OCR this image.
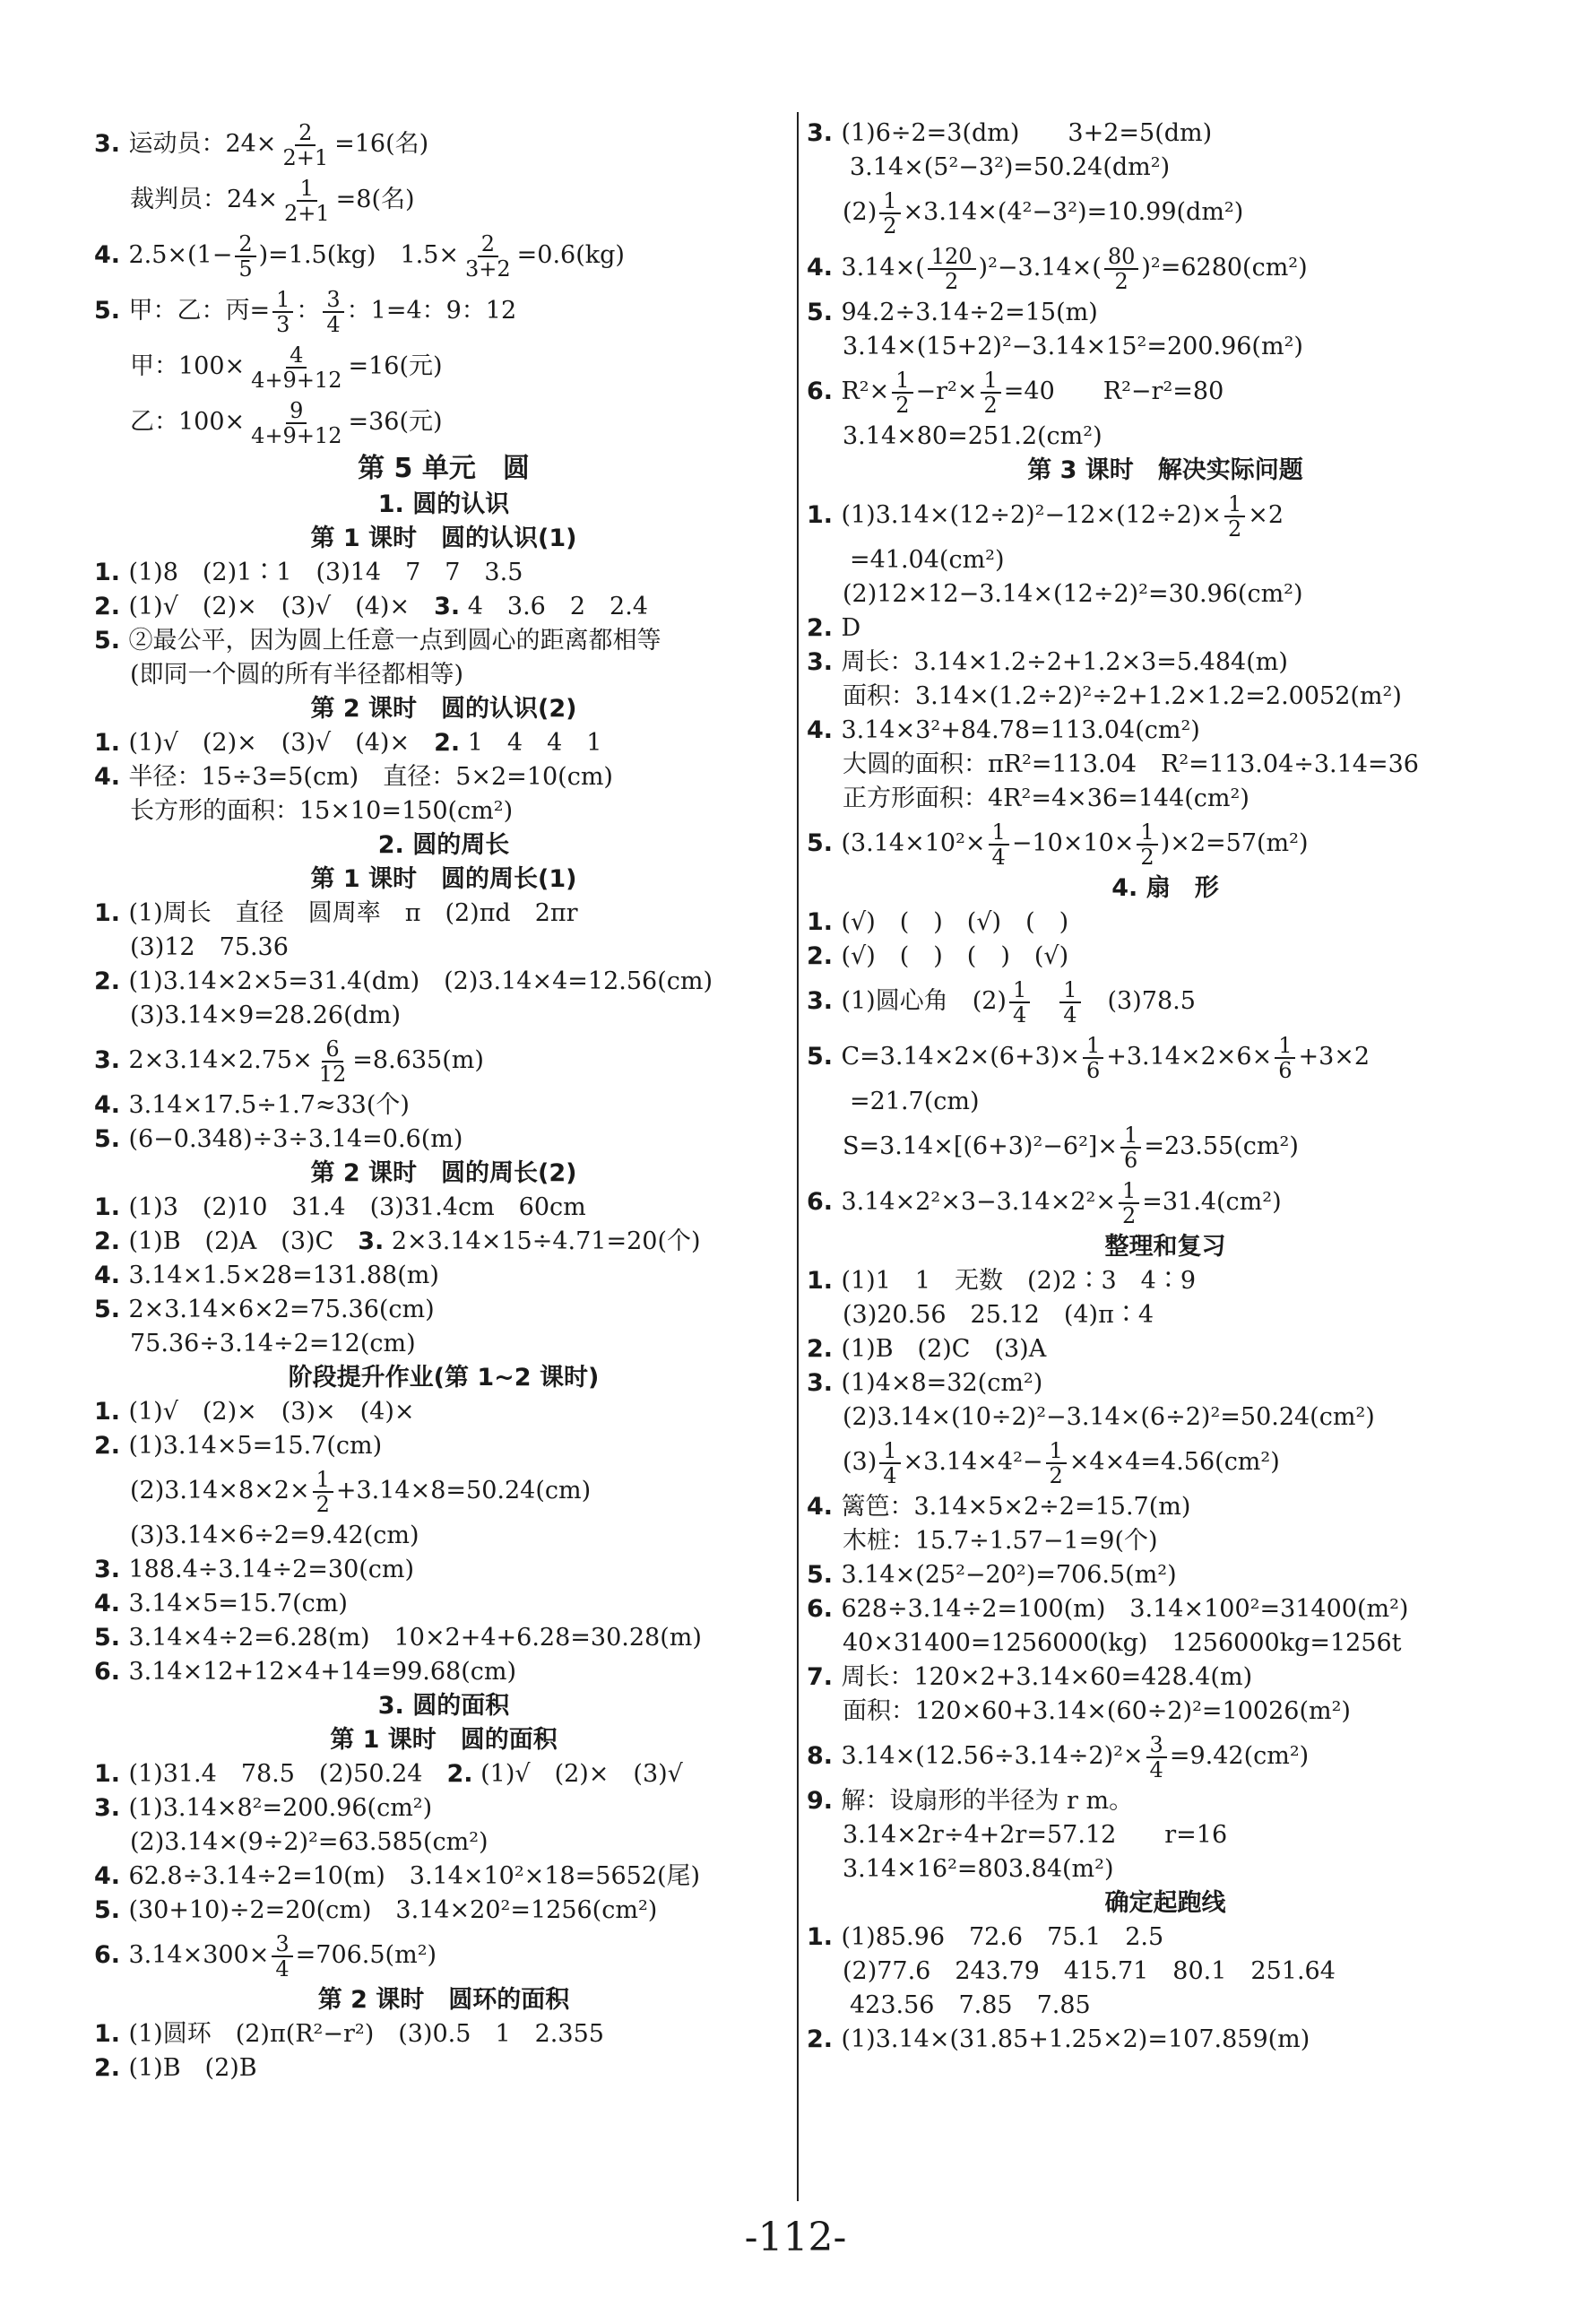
3. 运动员：$24\times \frac{2}{2+1} =16$(名)
裁判员：$24\times \frac{1}{2+1} =8$(名)
4. $2.5\times(1- \frac{2}{5} )=1.5(kg)$　$1.5\times \frac{2}{3+2} =0.6(kg)$
5. 甲：乙：丙= $\frac{1}{3}$ ： $\frac{3}{4}$ ：1=4：9：12
甲：$100\times \frac{4}{4+9+12} =16$(元)
乙：$100\times \frac{9}{4+9+12} =36$(元)
第 5 单元　圆
1. 圆的认识
第 1 课时　圆的认识(1)
1. (1)8　(2)1∶1　(3)14　7　7　3.5
2. (1)√　(2)×　(3)√　(4)×　3. 4　3.6　2　2.4
5. ②最公平，因为圆上任意一点到圆心的距离都相等
(即同一个圆的所有半径都相等)
第 2 课时　圆的认识(2)
1. (1)√　(2)×　(3)√　(4)×　2. 1　4　4　1
4. 半径：15÷3=5(cm)　直径：5×2=10(cm)
长方形的面积：15×10=150(cm²)
2. 圆的周长
第 1 课时　圆的周长(1)
1. (1)周长　直径　圆周率　π　(2)πd　2πr
(3)12　75.36
2. (1)3.14×2×5=31.4(dm)　(2)3.14×4=12.56(cm)
(3)3.14×9=28.26(dm)
3. $2\times 3.14\times 2.75\times \frac{6}{12} =8.635(m)$
4. 3.14×17.5÷1.7≈33(个)
5. (6−0.348)÷3÷3.14=0.6(m)
第 2 课时　圆的周长(2)
1. (1)3　(2)10　31.4　(3)31.4cm　60cm
2. (1)B　(2)A　(3)C　3. 2×3.14×15÷4.71=20(个)
4. 3.14×1.5×28=131.88(m)
5. 2×3.14×6×2=75.36(cm)
75.36÷3.14÷2=12(cm)
阶段提升作业(第 1~2 课时)
1. (1)√　(2)×　(3)×　(4)×
2. (1)3.14×5=15.7(cm)
$(2)3.14\times 8\times 2\times \frac{1}{2} +3.14\times 8=50.24(cm)$
(3)3.14×6÷2=9.42(cm)
3. 188.4÷3.14÷2=30(cm)
4. 3.14×5=15.7(cm)
5. 3.14×4÷2=6.28(m)　10×2+4+6.28=30.28(m)
6. 3.14×12+12×4+14=99.68(cm)
3. 圆的面积
第 1 课时　圆的面积
1. (1)31.4　78.5　(2)50.24　2. (1)√　(2)×　(3)√
3. (1)3.14×8²=200.96(cm²)
(2)3.14×(9÷2)²=63.585(cm²)
4. 62.8÷3.14÷2=10(m)　3.14×10²×18=5652(尾)
5. (30+10)÷2=20(cm)　3.14×20²=1256(cm²)
6. $3.14\times 300\times \frac{3}{4} =706.5(m^2)$
第 2 课时　圆环的面积
1. (1)圆环　(2)π(R²−r²)　(3)0.5　1　2.355
2. (1)B　(2)B
3. (1)6÷2=3(dm)　　3+2=5(dm)
3.14×(5²−3²)=50.24(dm²)
$(2) \frac{1}{2} \times 3.14\times(4^2-3^2)=10.99(dm^2)$
4. $3.14\times( \frac{120}{2} )^2-3.14\times( \frac{80}{2} )^2=6280(cm^2)$
5. 94.2÷3.14÷2=15(m)
3.14×(15+2)²−3.14×15²=200.96(m²)
6. $R^2\times \frac{1}{2} -r^2\times \frac{1}{2} =40$　　R²−r²=80
3.14×80=251.2(cm²)
第 3 课时　解决实际问题
1. $(1)3.14\times(12\div 2)^2-12\times(12\div 2)\times \frac{1}{2} \times 2$
=41.04(cm²)
(2)12×12−3.14×(12÷2)²=30.96(cm²)
2. D
3. 周长：3.14×1.2÷2+1.2×3=5.484(m)
面积：3.14×(1.2÷2)²÷2+1.2×1.2=2.0052(m²)
4. 3.14×3²+84.78=113.04(cm²)
大圆的面积：πR²=113.04　R²=113.04÷3.14=36
正方形面积：4R²=4×36=144(cm²)
5. $(3.14\times 10^2\times \frac{1}{4} -10\times 10\times \frac{1}{2} )\times 2=57(m^2)$
4. 扇　形
1. (√)　(　)　(√)　(　)
2. (√)　(　)　(　)　(√)
3. (1)圆心角　$(2) \frac{1}{4}$
　 $\frac{1}{4}$
　 (3)78.5
5. $C=3.14\times 2\times(6+3)\times \frac{1}{6} +3.14\times 2\times 6\times \frac{1}{6} +3\times 2$
=21.7(cm)
$S=3.14\times[(6+3)^2-6^2]\times \frac{1}{6} =23.55(cm^2)$
6. $3.14\times 2^2\times 3-3.14\times 2^2\times \frac{1}{2} =31.4(cm^2)$
整理和复习
1. (1)1　1　无数　(2)2∶3　4∶9
(3)20.56　25.12　(4)π∶4
2. (1)B　(2)C　(3)A
3. (1)4×8=32(cm²)
(2)3.14×(10÷2)²−3.14×(6÷2)²=50.24(cm²)
$(3) \frac{1}{4} \times 3.14\times 4^2- \frac{1}{2} \times 4\times 4=4.56(cm^2)$
4. 篱笆：3.14×5×2÷2=15.7(m)
木桩：15.7÷1.57−1=9(个)
5. 3.14×(25²−20²)=706.5(m²)
6. 628÷3.14÷2=100(m)　3.14×100²=31400(m²)
40×31400=1256000(kg)　1256000kg=1256t
7. 周长：120×2+3.14×60=428.4(m)
面积：120×60+3.14×(60÷2)²=10026(m²)
8. $3.14\times(12.56\div 3.14\div 2)^2\times \frac{3}{4} =9.42(cm^2)$
9. 解：设扇形的半径为 r m。
3.14×2r÷4+2r=57.12　　r=16
3.14×16²=803.84(m²)
确定起跑线
1. (1)85.96　72.6　75.1　2.5
(2)77.6　243.79　415.71　80.1　251.64
423.56　7.85　7.85
2. (1)3.14×(31.85+1.25×2)=107.859(m)
-112-
